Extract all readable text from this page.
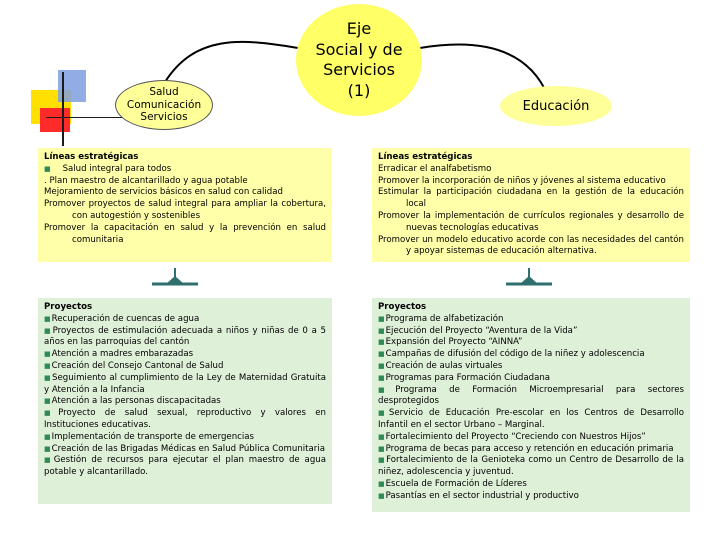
Salud
Comunicación
Servicios
Eje
Social y de
Servicios
(1)
Educación

Líneas estratégicas

■ Salud integral para todos

. Plan maestro de alcantarillado y agua potable

Mejoramiento de servicios básicos en salud con calidad

Promover proyectos de salud integral para ampliar la cobertura, con autogestión y sostenibles

Promover la capacitación en salud y la prevención en salud comunitaria

Líneas estratégicas

Erradicar el analfabetismo

Promover la incorporación de niños y jóvenes al sistema educativo

Estimular la participación ciudadana en la gestión de la educación local

Promover la implementación de currículos regionales y desarrollo de nuevas tecnologías educativas

Promover un modelo educativo acorde con las necesidades del cantón y apoyar sistemas de educación alternativa.

Proyectos

■Recuperación de cuencas de agua

■Proyectos de estimulación adecuada a niños y niñas de 0 a 5 años en las parroquias del cantón

■Atención a madres embarazadas

■Creación del Consejo Cantonal de Salud

■Seguimiento al cumplimiento de la Ley de Maternidad Gratuita y Atención a la Infancia

■Atención a las personas discapacitadas

■Proyecto de salud sexual, reproductivo y valores en Instituciones educativas.

■Implementación de transporte de emergencias

■Creación de las Brigadas Médicas en Salud Pública Comunitaria

■Gestión de recursos para ejecutar el plan maestro de agua potable y alcantarillado.

Proyectos

■Programa de alfabetización

■Ejecución del Proyecto “Aventura de la Vida”

■Expansión del Proyecto “AINNA”

■Campañas de difusión del código de la niñez y adolescencia

■Creación de aulas virtuales

■Programas para Formación Ciudadana

■Programa de Formación Microempresarial para sectores desprotegidos

■Servicio de Educación Pre-escolar en los Centros de Desarrollo Infantil en el sector Urbano – Marginal.

■Fortalecimiento del Proyecto “Creciendo con Nuestros Hijos”

■Programa de becas para acceso y retención en educación primaria

■Fortalecimiento de la Genioteka como un Centro de Desarrollo de la niñez, adolescencia y juventud.

■Escuela de Formación de Líderes

■Pasantías en el sector industrial y productivo
